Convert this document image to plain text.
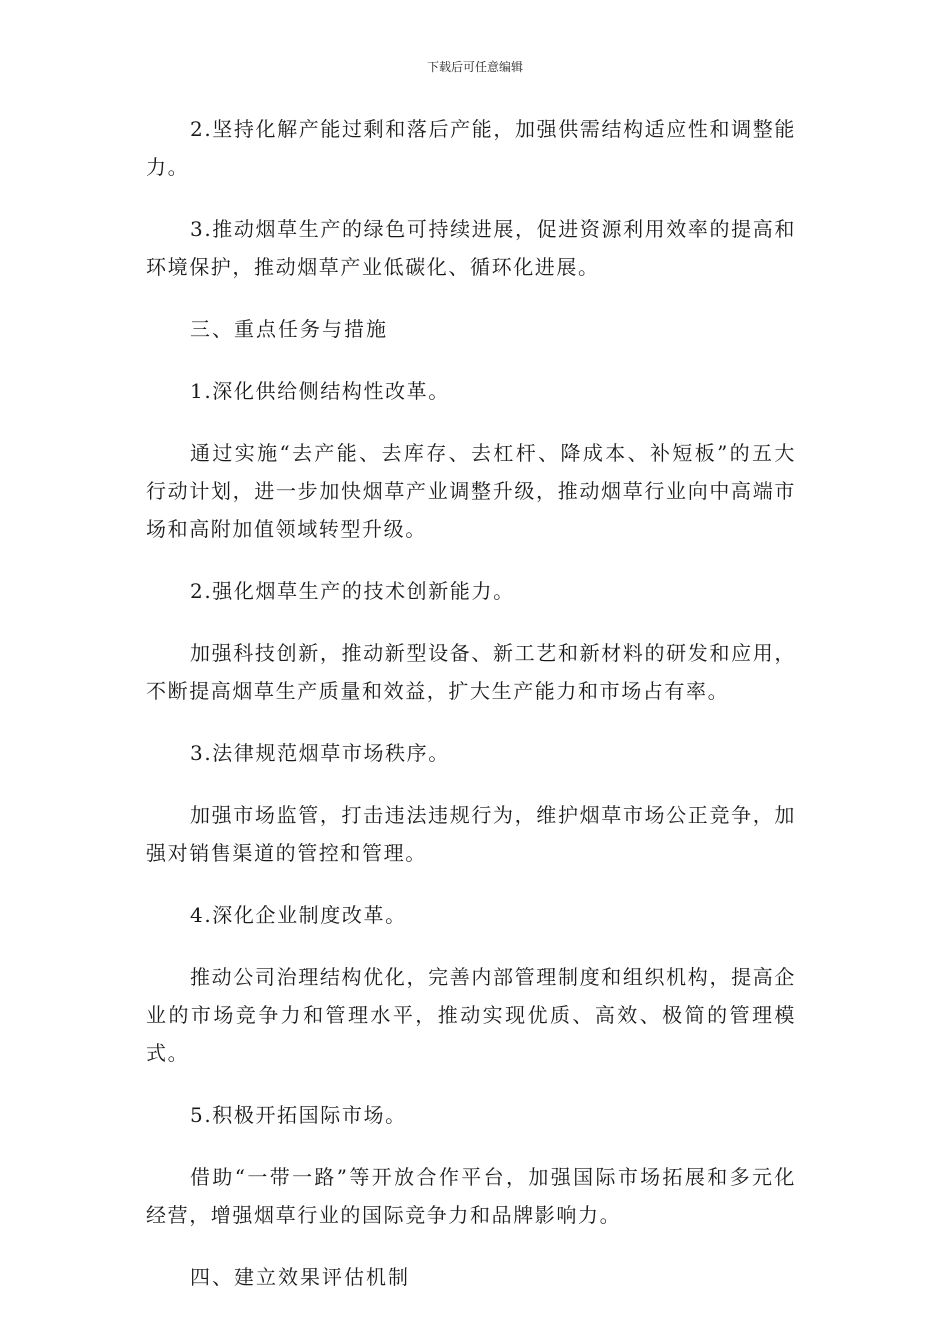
下载后可任意编辑

2.坚持化解产能过剩和落后产能，加强供需结构适应性和调整能力。

3.推动烟草生产的绿色可持续进展，促进资源利用效率的提高和环境保护，推动烟草产业低碳化、循环化进展。

三、重点任务与措施

1.深化供给侧结构性改革。

通过实施“去产能、去库存、去杠杆、降成本、补短板”的五大行动计划，进一步加快烟草产业调整升级，推动烟草行业向中高端市场和高附加值领域转型升级。

2.强化烟草生产的技术创新能力。

加强科技创新，推动新型设备、新工艺和新材料的研发和应用，不断提高烟草生产质量和效益，扩大生产能力和市场占有率。

3.法律规范烟草市场秩序。

加强市场监管，打击违法违规行为，维护烟草市场公正竞争，加强对销售渠道的管控和管理。

4.深化企业制度改革。

推动公司治理结构优化，完善内部管理制度和组织机构，提高企业的市场竞争力和管理水平，推动实现优质、高效、极简的管理模式。

5.积极开拓国际市场。

借助“一带一路”等开放合作平台，加强国际市场拓展和多元化经营，增强烟草行业的国际竞争力和品牌影响力。

四、建立效果评估机制
